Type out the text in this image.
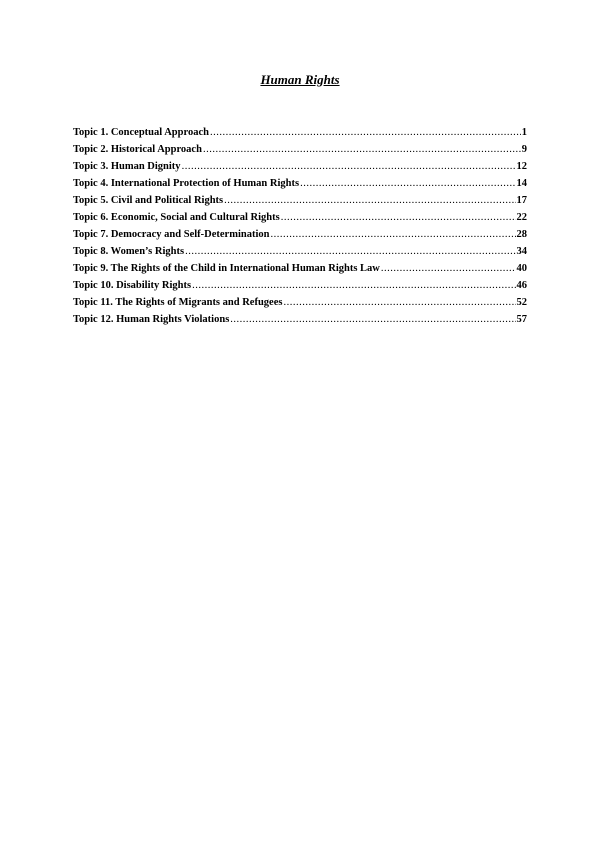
Human Rights
Topic 1. Conceptual Approach .....	1
Topic 2. Historical Approach .....	9
Topic 3. Human Dignity .....	12
Topic 4. International Protection of Human Rights .....	14
Topic 5. Civil and Political Rights .....	17
Topic 6. Economic, Social and Cultural Rights .....	22
Topic 7. Democracy and Self-Determination .....	28
Topic 8. Women’s Rights .....	34
Topic 9. The Rights of the Child in International Human Rights Law .....	40
Topic 10. Disability Rights .....	46
Topic 11. The Rights of Migrants and Refugees .....	52
Topic 12. Human Rights Violations .....	57
